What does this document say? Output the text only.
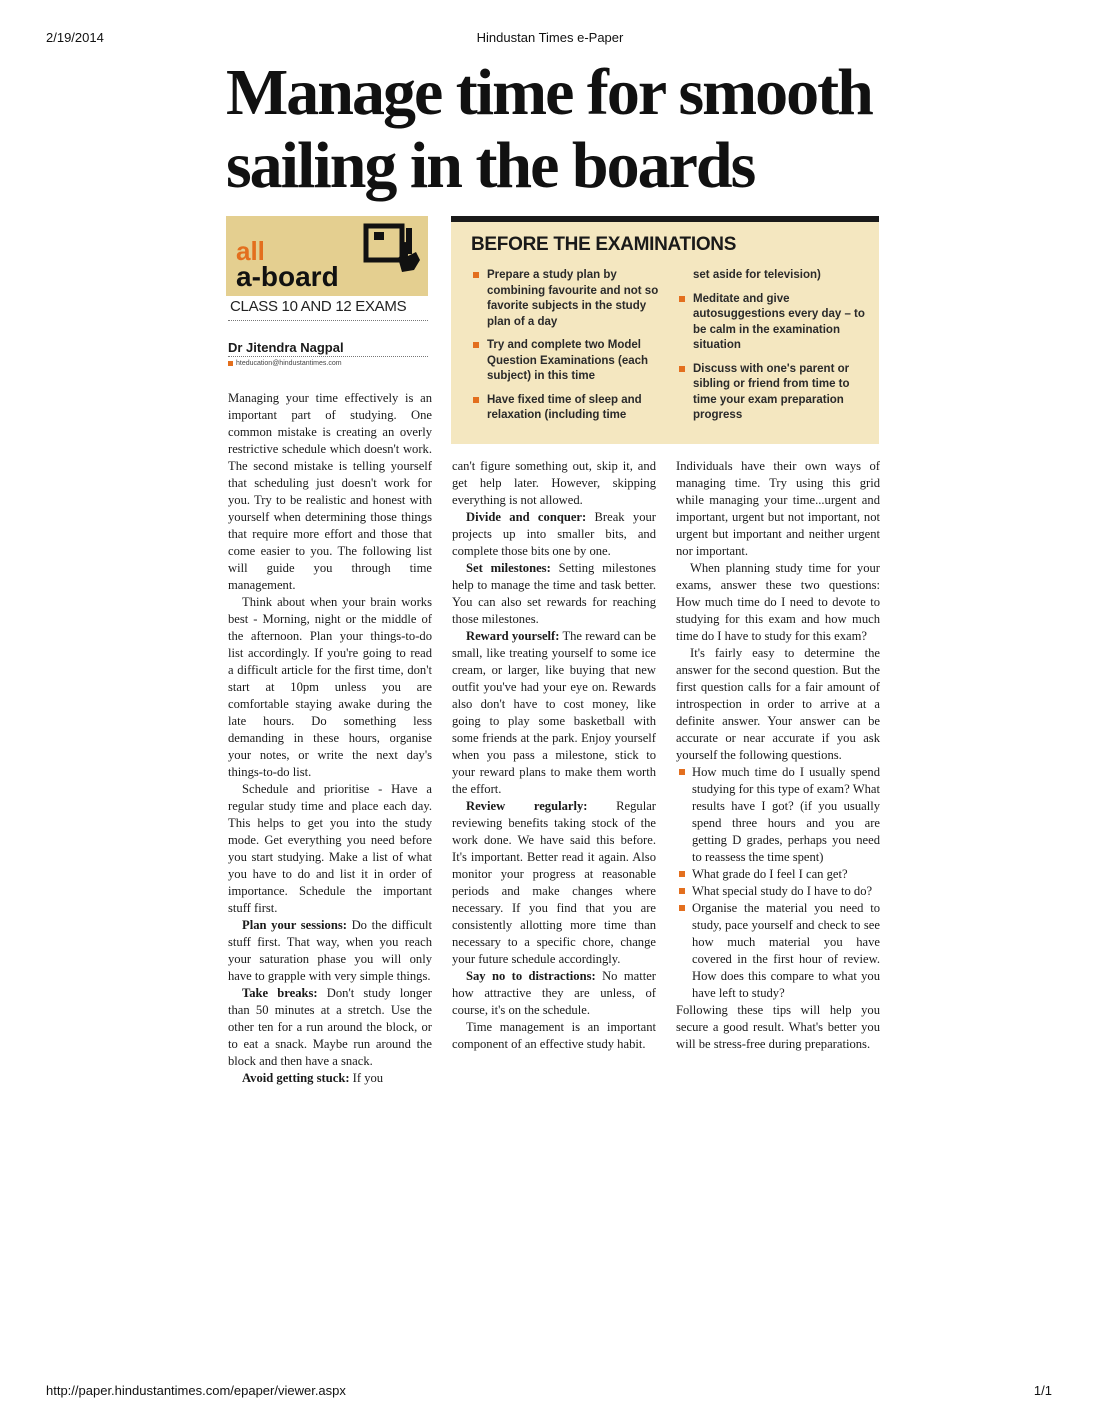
2/19/2014	Hindustan Times e-Paper
Manage time for smooth
sailing in the boards
all
a-board
CLASS 10 AND 12 EXAMS
Dr Jitendra Nagpal
hteducation@hindustantimes.com
BEFORE THE EXAMINATIONS
Prepare a study plan by combining favourite and not so favorite subjects in the study plan of a day
Try and complete two Model Question Examinations (each subject) in this time
Have fixed time of sleep and relaxation (including time
set aside for television)
Meditate and give autosuggestions every day – to be calm in the examination situation
Discuss with one's parent or sibling or friend from time to time your exam preparation progress

Managing your time effectively is an important part of studying. One common mistake is creating an overly restrictive schedule which doesn't work. The second mistake is telling yourself that scheduling just doesn't work for you. Try to be realistic and honest with yourself when determining those things that require more effort and those that come easier to you. The following list will guide you through time management.

Think about when your brain works best - Morning, night or the middle of the afternoon. Plan your things-to-do list accordingly. If you're going to read a difficult article for the first time, don't start at 10pm unless you are comfortable staying awake during the late hours. Do something less demanding in these hours, organise your notes, or write the next day's things-to-do list.

Schedule and prioritise - Have a regular study time and place each day. This helps to get you into the study mode. Get everything you need before you start studying. Make a list of what you have to do and list it in order of importance. Schedule the important stuff first.

Plan your sessions: Do the difficult stuff first. That way, when you reach your saturation phase you will only have to grapple with very simple things.

Take breaks: Don't study longer than 50 minutes at a stretch. Use the other ten for a run around the block, or to eat a snack. Maybe run around the block and then have a snack.

Avoid getting stuck: If you

can't figure something out, skip it, and get help later. However, skipping everything is not allowed.

Divide and conquer: Break your projects up into smaller bits, and complete those bits one by one.

Set milestones: Setting milestones help to manage the time and task better. You can also set rewards for reaching those milestones.

Reward yourself: The reward can be small, like treating yourself to some ice cream, or larger, like buying that new outfit you've had your eye on. Rewards also don't have to cost money, like going to play some basketball with some friends at the park. Enjoy yourself when you pass a milestone, stick to your reward plans to make them worth the effort.

Review regularly: Regular reviewing benefits taking stock of the work done. We have said this before. It's important. Better read it again. Also monitor your progress at reasonable periods and make changes where necessary. If you find that you are consistently allotting more time than necessary to a specific chore, change your future schedule accordingly.

Say no to distractions: No matter how attractive they are unless, of course, it's on the schedule.

Time management is an important component of an effective study habit.

Individuals have their own ways of managing time. Try using this grid while managing your time...urgent and important, urgent but not important, not urgent but important and neither urgent nor important.

When planning study time for your exams, answer these two questions: How much time do I need to devote to studying for this exam and how much time do I have to study for this exam?

It's fairly easy to determine the answer for the second question. But the first question calls for a fair amount of introspection in order to arrive at a definite answer. Your answer can be accurate or near accurate if you ask yourself the following questions.

How much time do I usually spend studying for this type of exam? What results have I got? (if you usually spend three hours and you are getting D grades, perhaps you need to reassess the time spent)

What grade do I feel I can get?

What special study do I have to do?

Organise the material you need to study, pace yourself and check to see how much material you have covered in the first hour of review. How does this compare to what you have left to study?

Following these tips will help you secure a good result. What's better you will be stress-free during preparations.

http://paper.hindustantimes.com/epaper/viewer.aspx	1/1
